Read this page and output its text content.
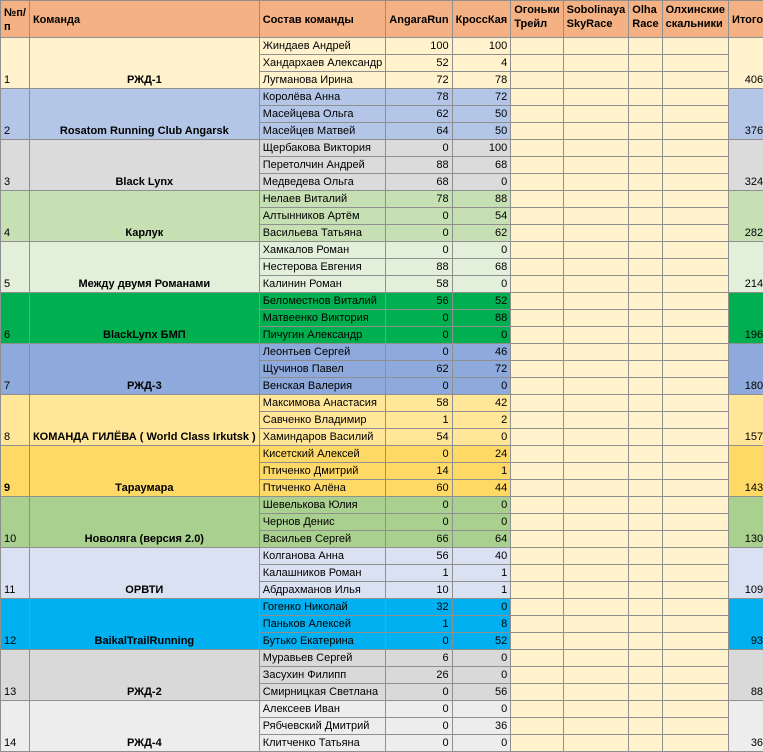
№п/п	Команда	Состав команды	AngaraRun	КроссКая	Огоньки Трейл	Sobolinaya SkyRace	Olha Race	Олхинские скальники	Итого
1	РЖД-1	Жиндаев Андрей	100	100					406
		Хандархаев Александр	52	4					
		Лугманова Ирина	72	78					
2	Rosatom Running Club Angarsk	Королёва Анна	78	72					376
		Масейцева Ольга	62	50					
		Масейцев Матвей	64	50					
3	Black Lynx	Щербакова Виктория	0	100					324
		Перетолчин Андрей	88	68					
		Медведева Ольга	68	0					
4	Карлук	Нелаев Виталий	78	88					282
		Алтынников Артём	0	54					
		Васильева Татьяна	0	62					
5	Между двумя Романами	Хамкалов Роман	0	0					214
		Нестерова Евгения	88	68					
		Калинин Роман	58	0					
6	BlackLynx БМП	Беломестнов Виталий	56	52					196
		Матвеенко Виктория	0	88					
		Пичугин Александр	0	0					
7	РЖД-3	Леонтьев Сергей	0	46					180
		Щучинов Павел	62	72					
		Венская Валерия	0	0					
8	КОМАНДА ГИЛЁВА ( World Class Irkutsk )	Максимова Анастасия	58	42					157
		Савченко Владимир	1	2					
		Хаминдаров Василий	54	0					
9	Тараумара	Кисетский Алексей	0	24					143
		Птиченко Дмитрий	14	1					
		Птиченко Алёна	60	44					
10	Новоляга (версия 2.0)	Шевелькова Юлия	0	0					130
		Чернов Денис	0	0					
		Васильев Сергей	66	64					
11	ОРВТИ	Колганова Анна	56	40					109
		Калашников Роман	1	1					
		Абдрахманов Илья	10	1					
12	BaikalTrailRunning	Гогенко Николай	32	0					93
		Паньков Алексей	1	8					
		Бутько Екатерина	0	52					
13	РЖД-2	Муравьев Сергей	6	0					88
		Засухин Филипп	26	0					
		Смирницкая Светлана	0	56					
14	РЖД-4	Алексеев Иван	0	0					36
		Рябчевский Дмитрий	0	36					
		Клитченко Татьяна	0	0					
